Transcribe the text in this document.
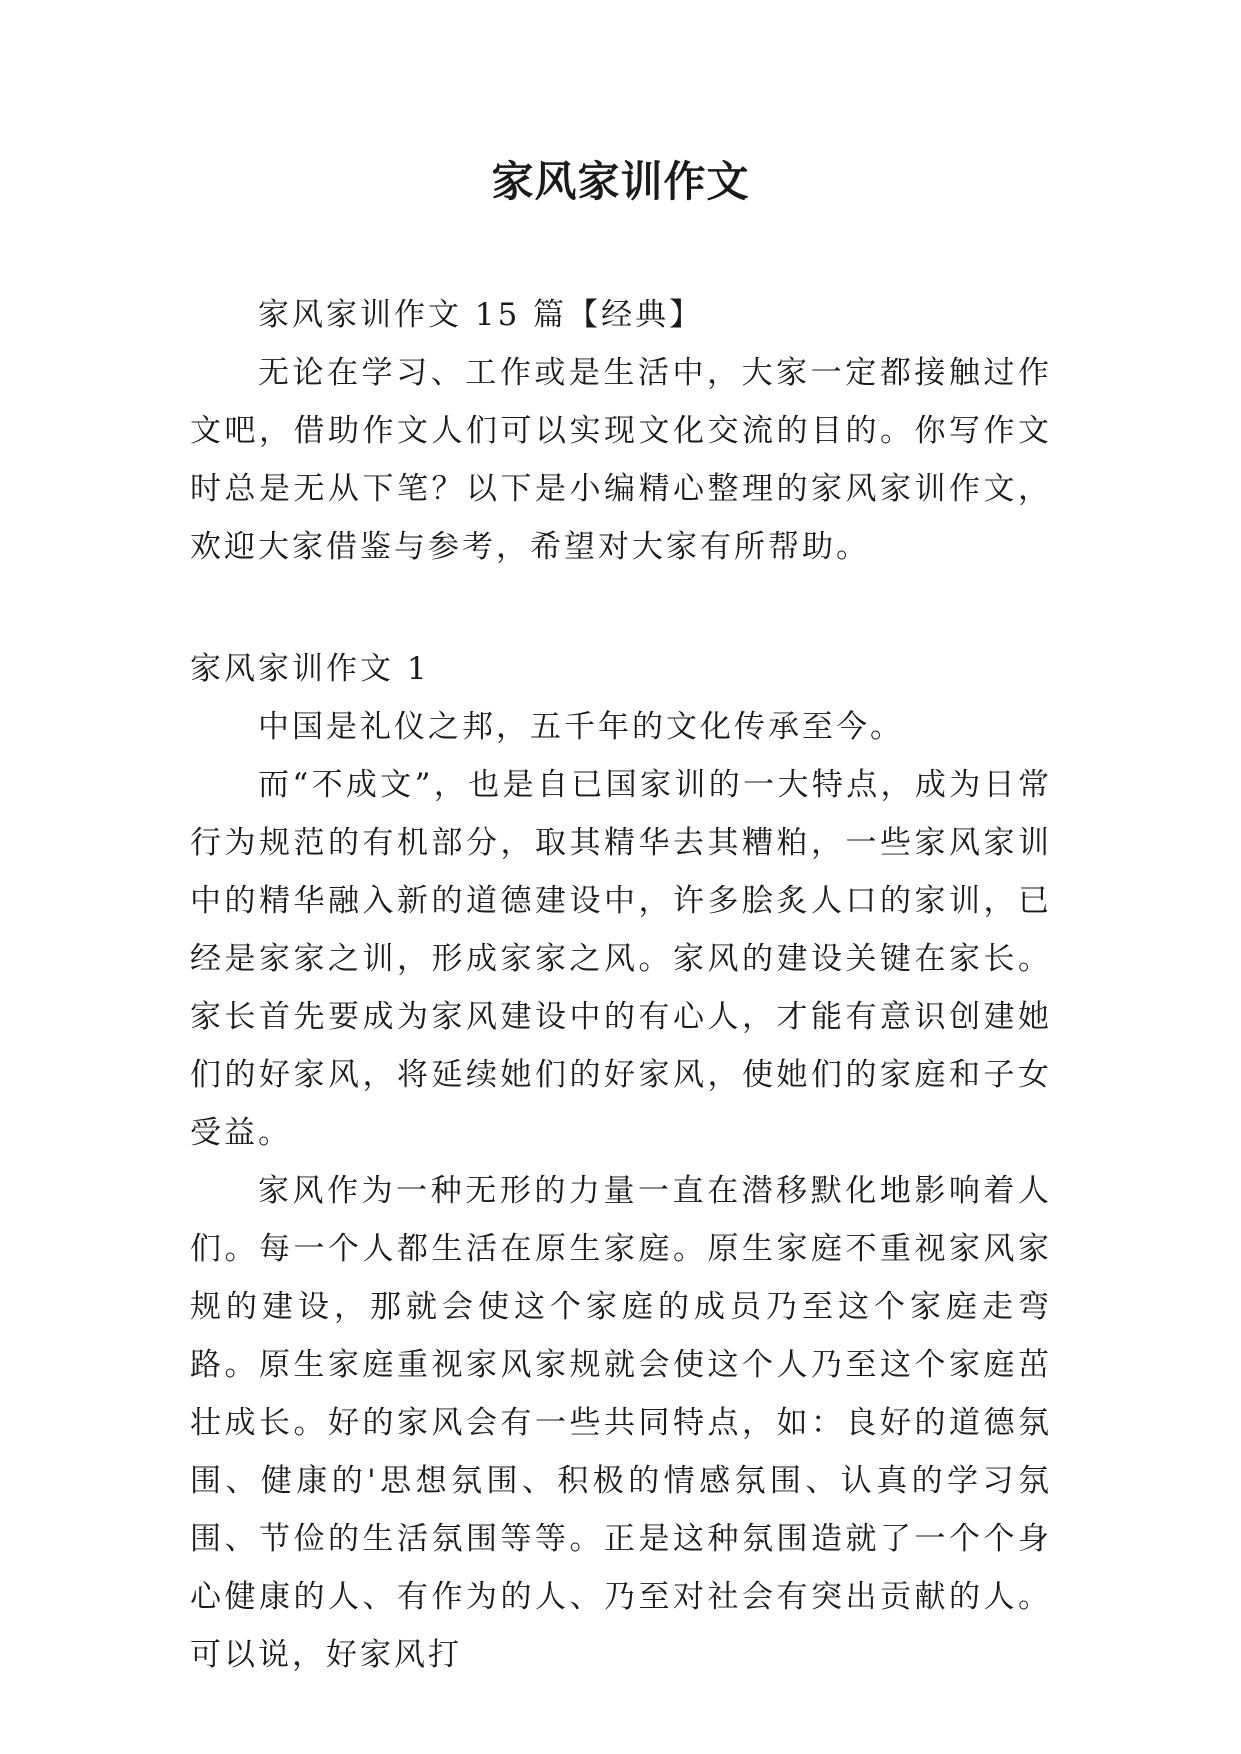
家风家训作文

家风家训作文 15 篇【经典】

无论在学习、工作或是生活中，大家一定都接触过作文吧，借助作文人们可以实现文化交流的目的。你写作文时总是无从下笔？以下是小编精心整理的家风家训作文，欢迎大家借鉴与参考，希望对大家有所帮助。

家风家训作文 1

中国是礼仪之邦，五千年的文化传承至今。

而“不成文”，也是自已国家训的一大特点，成为日常行为规范的有机部分，取其精华去其糟粕，一些家风家训中的精华融入新的道德建设中，许多脍炙人口的家训，已经是家家之训，形成家家之风。家风的建设关键在家长。家长首先要成为家风建设中的有心人，才能有意识创建她们的好家风，将延续她们的好家风，使她们的家庭和子女受益。

家风作为一种无形的力量一直在潜移默化地影响着人们。每一个人都生活在原生家庭。原生家庭不重视家风家规的建设，那就会使这个家庭的成员乃至这个家庭走弯路。原生家庭重视家风家规就会使这个人乃至这个家庭茁壮成长。好的家风会有一些共同特点，如：良好的道德氛围、健康的'思想氛围、积极的情感氛围、认真的学习氛围、节俭的生活氛围等等。正是这种氛围造就了一个个身心健康的人、有作为的人、乃至对社会有突出贡献的人。可以说，好家风打
